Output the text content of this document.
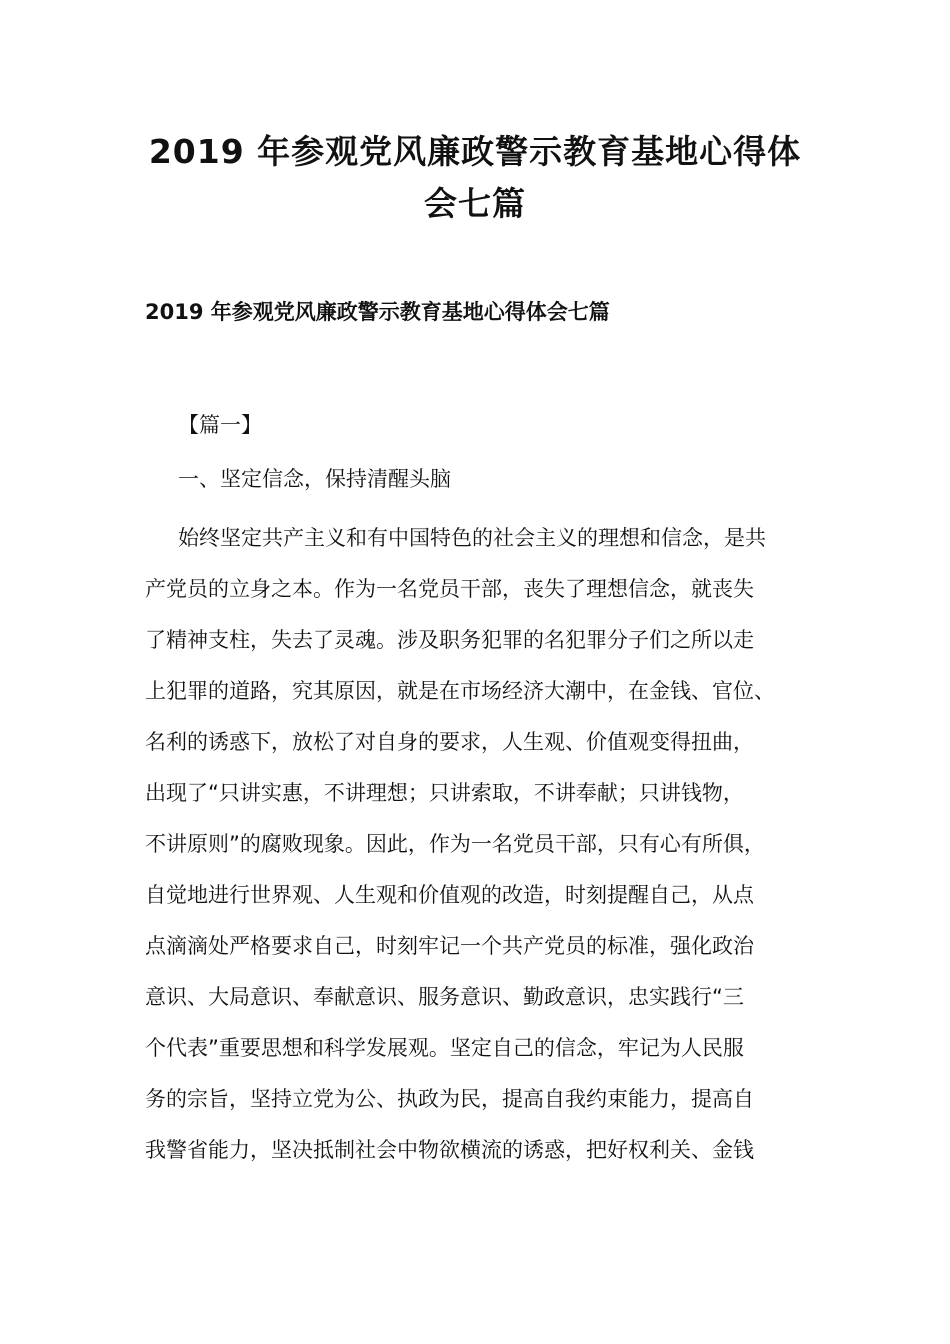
2019 年参观党风廉政警示教育基地心得体会七篇
2019 年参观党风廉政警示教育基地心得体会七篇

【篇一】

一、坚定信念，保持清醒头脑

始终坚定共产主义和有中国特色的社会主义的理想和信念，是共
产党员的立身之本。作为一名党员干部，丧失了理想信念，就丧失
了精神支柱，失去了灵魂。涉及职务犯罪的名犯罪分子们之所以走
上犯罪的道路，究其原因，就是在市场经济大潮中，在金钱、官位、
名利的诱惑下，放松了对自身的要求，人生观、价值观变得扭曲，
出现了“只讲实惠，不讲理想；只讲索取，不讲奉献；只讲钱物，
不讲原则”的腐败现象。因此，作为一名党员干部，只有心有所俱，
自觉地进行世界观、人生观和价值观的改造，时刻提醒自己，从点
点滴滴处严格要求自己，时刻牢记一个共产党员的标准，强化政治
意识、大局意识、奉献意识、服务意识、勤政意识，忠实践行“三
个代表”重要思想和科学发展观。坚定自己的信念，牢记为人民服
务的宗旨，坚持立党为公、执政为民，提高自我约束能力，提高自
我警省能力，坚决抵制社会中物欲横流的诱惑，把好权利关、金钱
